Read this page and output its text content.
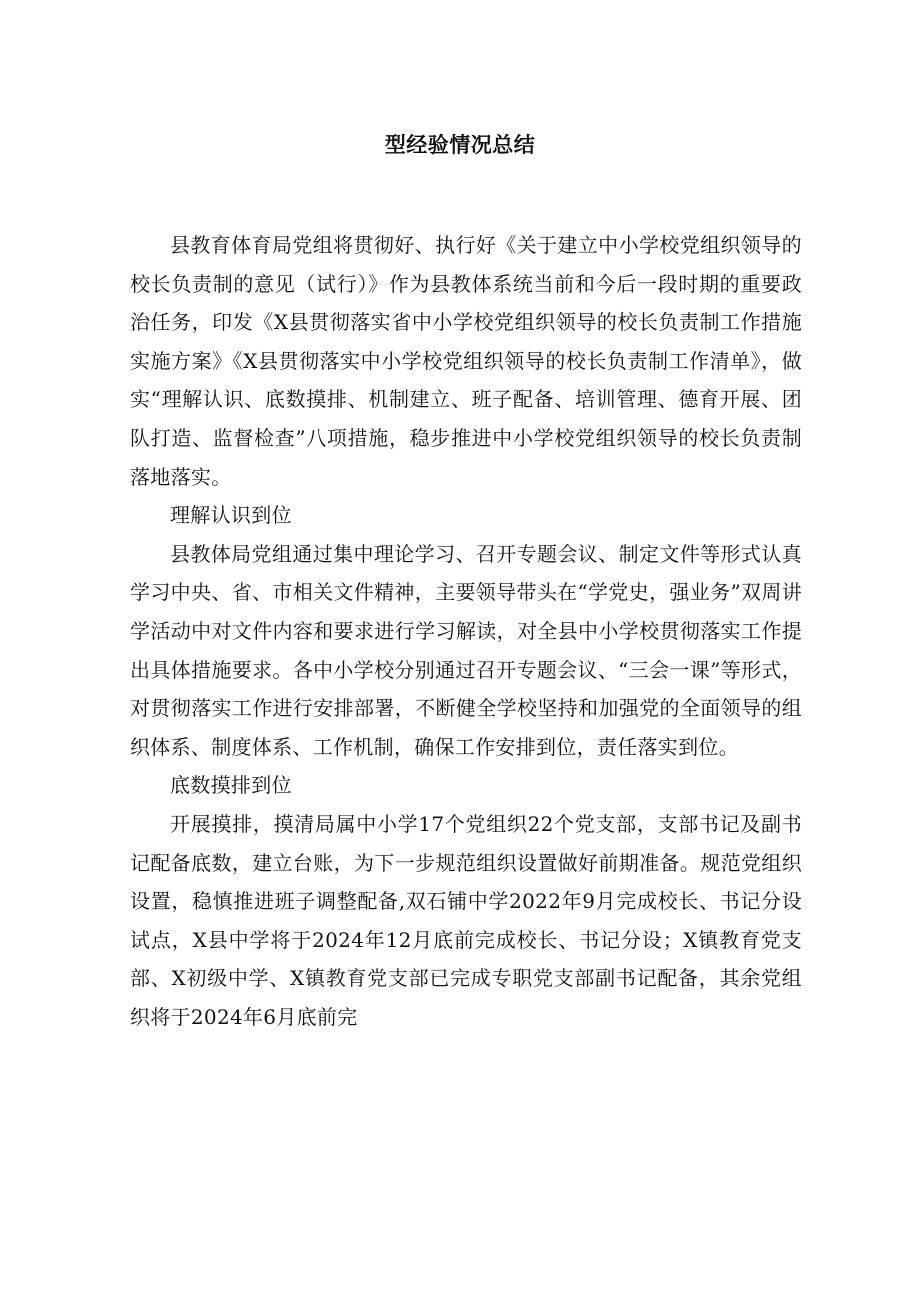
型经验情况总结

县教育体育局党组将贯彻好、执行好《关于建立中小学校党组织领导的校长负责制的意见（试行）》作为县教体系统当前和今后一段时期的重要政治任务，印发《X县贯彻落实省中小学校党组织领导的校长负责制工作措施实施方案》《X县贯彻落实中小学校党组织领导的校长负责制工作清单》，做实“理解认识、底数摸排、机制建立、班子配备、培训管理、德育开展、团队打造、监督检查”八项措施，稳步推进中小学校党组织领导的校长负责制落地落实。

理解认识到位

县教体局党组通过集中理论学习、召开专题会议、制定文件等形式认真学习中央、省、市相关文件精神，主要领导带头在“学党史，强业务”双周讲学活动中对文件内容和要求进行学习解读，对全县中小学校贯彻落实工作提出具体措施要求。各中小学校分别通过召开专题会议、“三会一课”等形式，对贯彻落实工作进行安排部署，不断健全学校坚持和加强党的全面领导的组织体系、制度体系、工作机制，确保工作安排到位，责任落实到位。

底数摸排到位

开展摸排，摸清局属中小学17个党组织22个党支部，支部书记及副书记配备底数，建立台账，为下一步规范组织设置做好前期准备。规范党组织设置，稳慎推进班子调整配备,双石铺中学2022年9月完成校长、书记分设试点，X县中学将于2024年12月底前完成校长、书记分设；X镇教育党支部、X初级中学、X镇教育党支部已完成专职党支部副书记配备，其余党组织将于2024年6月底前完
